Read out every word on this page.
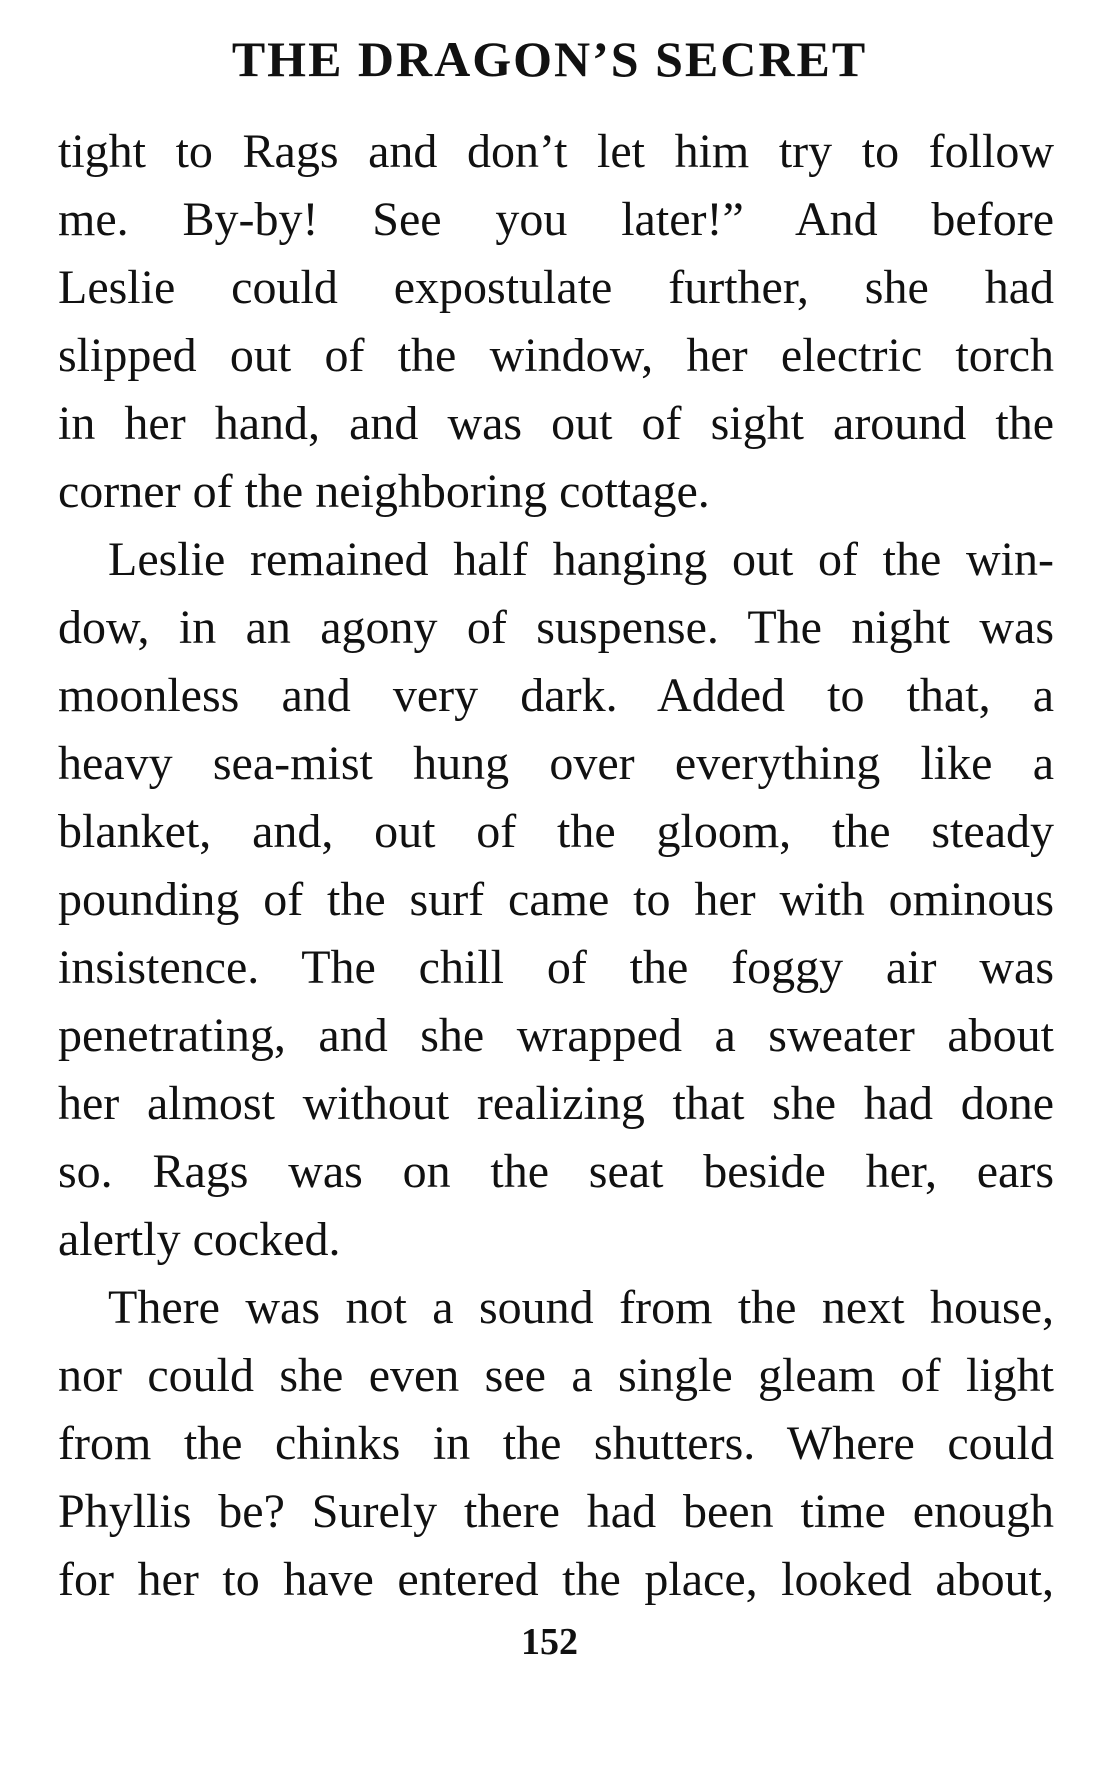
THE DRAGON’S SECRET
tight to Rags and don’t let him try to follow
me. By-by! See you later!” And before
Leslie could expostulate further, she had
slipped out of the window, her electric torch
in her hand, and was out of sight around the
corner of the neighboring cottage.
Leslie remained half hanging out of the win-
dow, in an agony of suspense. The night was
moonless and very dark. Added to that, a
heavy sea-mist hung over everything like a
blanket, and, out of the gloom, the steady
pounding of the surf came to her with ominous
insistence. The chill of the foggy air was
penetrating, and she wrapped a sweater about
her almost without realizing that she had done
so. Rags was on the seat beside her, ears
alertly cocked.
There was not a sound from the next house,
nor could she even see a single gleam of light
from the chinks in the shutters. Where could
Phyllis be? Surely there had been time enough
for her to have entered the place, looked about,
152
